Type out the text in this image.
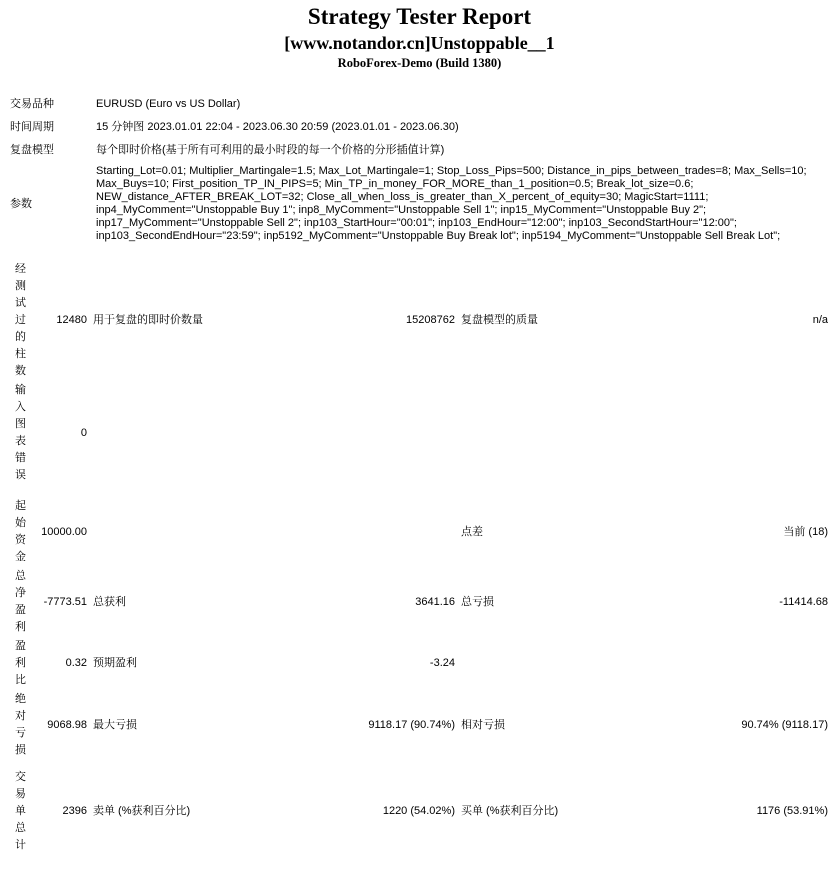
Strategy Tester Report
[www.notandor.cn]Unstoppable__1
RoboForex-Demo (Build 1380)
交易品种	EURUSD (Euro vs US Dollar)
时间周期	15 分钟图 2023.01.01 22:04 - 2023.06.30 20:59 (2023.01.01 - 2023.06.30)
复盘模型	每个即时价格(基于所有可利用的最小时段的每一个价格的分形插值计算)
参数	Starting_Lot=0.01; Multiplier_Martingale=1.5; Max_Lot_Martingale=1; Stop_Loss_Pips=500; Distance_in_pips_between_trades=8; Max_Sells=10; Max_Buys=10; First_position_TP_IN_PIPS=5; Min_TP_in_money_FOR_MORE_than_1_position=0.5; Break_lot_size=0.6; NEW_distance_AFTER_BREAK_LOT=32; Close_all_when_loss_is_greater_than_X_percent_of_equity=30; MagicStart=1111; inp4_MyComment="Unstoppable Buy 1"; inp8_MyComment="Unstoppable Sell 1"; inp15_MyComment="Unstoppable Buy 2"; inp17_MyComment="Unstoppable Sell 2"; inp103_StartHour="00:01"; inp103_EndHour="12:00"; inp103_SecondStartHour="12:00"; inp103_SecondEndHour="23:59"; inp5192_MyComment="Unstoppable Buy Break lot"; inp5194_MyComment="Unstoppable Sell Break Lot";
经测试过的柱数	12480	用于复盘的即时价数量	15208762	复盘模型的质量	n/a
输入图表错误	0				

起始资金	10000.00			点差	当前 (18)
总净盈利	-7773.51	总获利	3641.16	总亏损	-11414.68
盈利比	0.32	预期盈利	-3.24		
绝对亏损	9068.98	最大亏损	9118.17 (90.74%)	相对亏损	90.74% (9118.17)

交易单总计	2396	卖单 (%获利百分比)	1220 (54.02%)	买单 (%获利百分比)	1176 (53.91%)
